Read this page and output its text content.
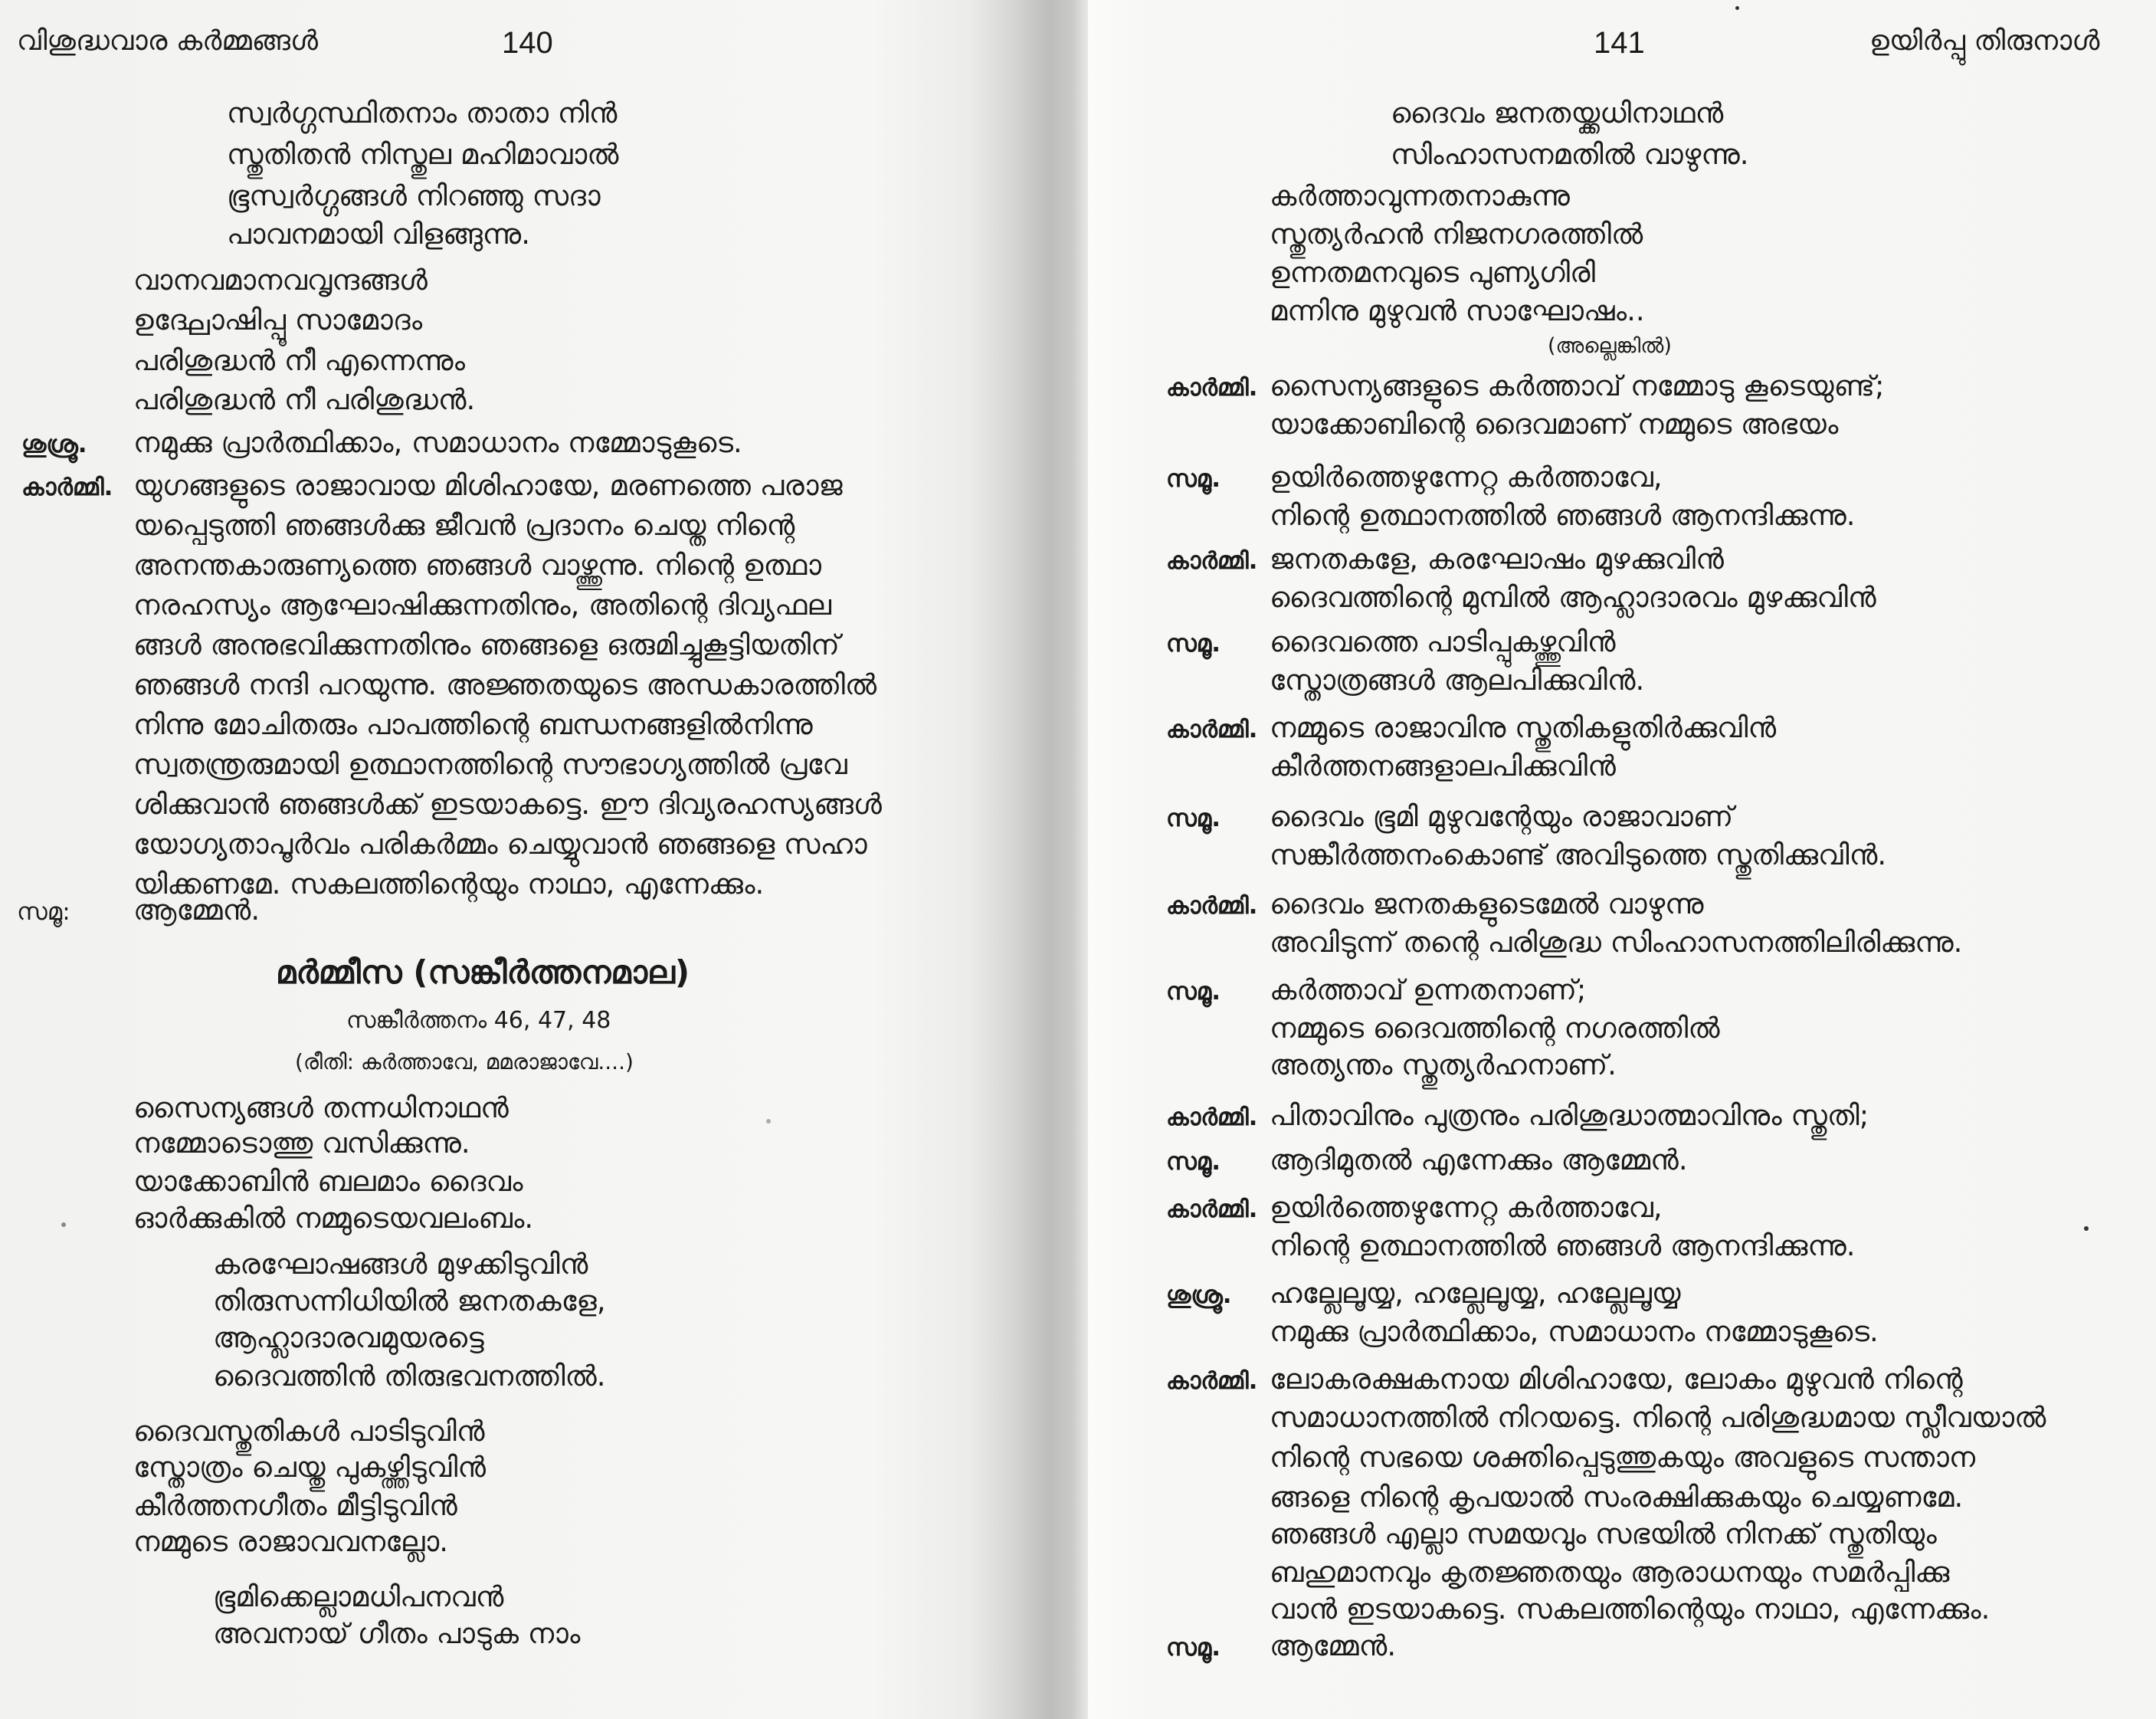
വിശുദ്ധവാര കർമ്മങ്ങൾ	140
സ്വർഗ്ഗസ്ഥിതനാം താതാ നിൻ
സ്തുതിതൻ നിസ്തുല മഹിമാവാൽ
ഭൂസ്വർഗ്ഗങ്ങൾ നിറഞ്ഞു സദാ
പാവനമായി വിളങ്ങുന്നു.
വാനവമാനവവൃന്ദങ്ങൾ
ഉദ്ഘോഷിപ്പൂ സാമോദം
പരിശുദ്ധൻ നീ എന്നെന്നും
പരിശുദ്ധൻ നീ പരിശുദ്ധൻ.
ശുശ്രൂ. നമുക്കു പ്രാർത്ഥിക്കാം, സമാധാനം നമ്മോടുകൂടെ.
കാർമ്മി. യുഗങ്ങളുടെ രാജാവായ മിശിഹായേ, മരണത്തെ പരാജ
യപ്പെടുത്തി ഞങ്ങൾക്കു ജീവൻ പ്രദാനം ചെയ്ത നിന്റെ
അനന്തകാരുണ്യത്തെ ഞങ്ങൾ വാഴ്ത്തുന്നു. നിന്റെ ഉത്ഥാ
നരഹസ്യം ആഘോഷിക്കുന്നതിനും, അതിന്റെ ദിവ്യഫല
ങ്ങൾ അനുഭവിക്കുന്നതിനും ഞങ്ങളെ ഒരുമിച്ചുകൂട്ടിയതിന്
ഞങ്ങൾ നന്ദി പറയുന്നു. അജ്ഞതയുടെ അന്ധകാരത്തിൽ
നിന്നു മോചിതരും പാപത്തിന്റെ ബന്ധനങ്ങളിൽനിന്നു
സ്വതന്ത്രരുമായി ഉത്ഥാനത്തിന്റെ സൗഭാഗ്യത്തിൽ പ്രവേ
ശിക്കുവാൻ ഞങ്ങൾക്ക് ഇടയാകട്ടെ. ഈ ദിവ്യരഹസ്യങ്ങൾ
യോഗ്യതാപൂർവം പരികർമ്മം ചെയ്യുവാൻ ഞങ്ങളെ സഹാ
യിക്കണമേ. സകലത്തിന്റെയും നാഥാ, എന്നേക്കും.
സമൂ: ആമ്മേൻ.
മർമ്മീസ (സങ്കീർത്തനമാല)
സങ്കീർത്തനം 46, 47, 48
(രീതി: കർത്താവേ, മമരാജാവേ....)
സൈന്യങ്ങൾ തന്നധിനാഥൻ
നമ്മോടൊത്തു വസിക്കുന്നു.
യാക്കോബിൻ ബലമാം ദൈവം
ഓർക്കുകിൽ നമ്മുടെയവലംബം.
കരഘോഷങ്ങൾ മുഴക്കിടുവിൻ
തിരുസന്നിധിയിൽ ജനതകളേ,
ആഹ്ലാദാരവമുയരട്ടെ
ദൈവത്തിൻ തിരുഭവനത്തിൽ.
ദൈവസ്തുതികൾ പാടിടുവിൻ
സ്തോത്രം ചെയ്തു പുകഴ്ത്തിടുവിൻ
കീർത്തനഗീതം മീട്ടിടുവിൻ
നമ്മുടെ രാജാവവനല്ലോ.
ഭൂമിക്കെല്ലാമധിപനവൻ
അവനായ് ഗീതം പാടുക നാം
141	ഉയിർപ്പു തിരുനാൾ
ദൈവം ജനതയ്ക്കധിനാഥൻ
സിംഹാസനമതിൽ വാഴുന്നു.
കർത്താവുന്നതനാകുന്നു
സ്തുത്യർഹൻ നിജനഗരത്തിൽ
ഉന്നതമനവുടെ പുണ്യഗിരി
മന്നിനു മുഴുവൻ സാഘോഷം..
(അല്ലെങ്കിൽ)
കാർമ്മി. സൈന്യങ്ങളുടെ കർത്താവ് നമ്മോടു കൂടെയുണ്ട്;
യാക്കോബിന്റെ ദൈവമാണ് നമ്മുടെ അഭയം
സമൂ. ഉയിർത്തെഴുന്നേറ്റ കർത്താവേ,
നിന്റെ ഉത്ഥാനത്തിൽ ഞങ്ങൾ ആനന്ദിക്കുന്നു.
കാർമ്മി. ജനതകളേ, കരഘോഷം മുഴക്കുവിൻ
ദൈവത്തിന്റെ മുമ്പിൽ ആഹ്ലാദാരവം മുഴക്കുവിൻ
സമൂ. ദൈവത്തെ പാടിപ്പുകഴ്ത്തുവിൻ
സ്തോത്രങ്ങൾ ആലപിക്കുവിൻ.
കാർമ്മി. നമ്മുടെ രാജാവിനു സ്തുതികളുതിർക്കുവിൻ
കീർത്തനങ്ങളാലപിക്കുവിൻ
സമൂ. ദൈവം ഭൂമി മുഴുവന്റേയും രാജാവാണ്
സങ്കീർത്തനംകൊണ്ട് അവിടുത്തെ സ്തുതിക്കുവിൻ.
കാർമ്മി. ദൈവം ജനതകളുടെമേൽ വാഴുന്നു
അവിടുന്ന് തന്റെ പരിശുദ്ധ സിംഹാസനത്തിലിരിക്കുന്നു.
സമൂ. കർത്താവ് ഉന്നതനാണ്;
നമ്മുടെ ദൈവത്തിന്റെ നഗരത്തിൽ
അത്യന്തം സ്തുത്യർഹനാണ്.
കാർമ്മി. പിതാവിനും പുത്രനും പരിശുദ്ധാത്മാവിനും സ്തുതി;
സമൂ. ആദിമുതൽ എന്നേക്കും ആമ്മേൻ.
കാർമ്മി. ഉയിർത്തെഴുന്നേറ്റ കർത്താവേ,
നിന്റെ ഉത്ഥാനത്തിൽ ഞങ്ങൾ ആനന്ദിക്കുന്നു.
ശുശ്രൂ. ഹല്ലേലൂയ്യ, ഹല്ലേലൂയ്യ, ഹല്ലേലൂയ്യ
നമുക്കു പ്രാർത്ഥിക്കാം, സമാധാനം നമ്മോടുകൂടെ.
കാർമ്മി. ലോകരക്ഷകനായ മിശിഹായേ, ലോകം മുഴുവൻ നിന്റെ
സമാധാനത്തിൽ നിറയട്ടെ. നിന്റെ പരിശുദ്ധമായ സ്ലീവയാൽ
നിന്റെ സഭയെ ശക്തിപ്പെടുത്തുകയും അവളുടെ സന്താന
ങ്ങളെ നിന്റെ കൃപയാൽ സംരക്ഷിക്കുകയും ചെയ്യണമേ.
ഞങ്ങൾ എല്ലാ സമയവും സഭയിൽ നിനക്ക് സ്തുതിയും
ബഹുമാനവും കൃതജ്ഞതയും ആരാധനയും സമർപ്പിക്കു
വാൻ ഇടയാകട്ടെ. സകലത്തിന്റെയും നാഥാ, എന്നേക്കും.
സമൂ. ആമ്മേൻ.
